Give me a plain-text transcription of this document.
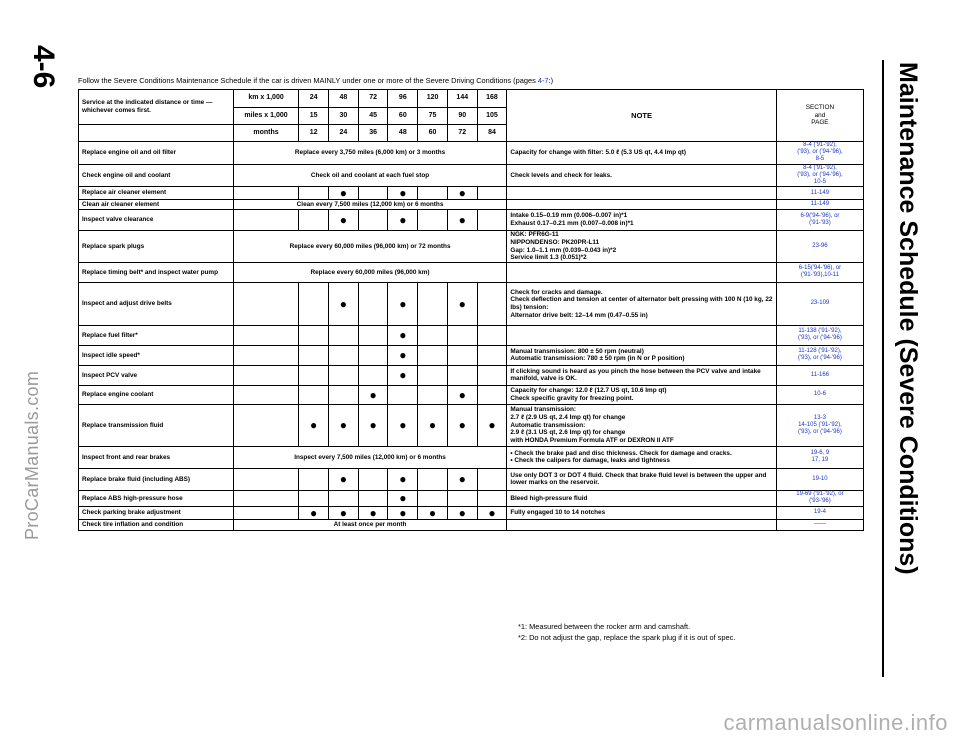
4-6
ProCarManuals.com	Maintenance Schedule (Severe Conditions)
Follow the Severe Conditions Maintenance Schedule if the car is driven MAINLY under one or more of the Severe Driving Conditions (pages 4-7:)
Service at the indicated distance or time — whichever comes first.	km x 1,000	24	48	72	96	120	144	168	NOTE	SECTION
and
PAGE
	miles x 1,000	15	30	45	60	75	90	105		
	months	12	24	36	48	60	72	84		
Replace engine oil and oil filter	Replace every 3,750 miles (6,000 km) or 3 months								Capacity for change with filter: 5.0 ℓ (5.3 US qt, 4.4 Imp qt)	8-4 ('91-'92),
('93), or ('94-'96),
8-5
Check engine oil and coolant	Check oil and coolant at each fuel stop								Check levels and check for leaks.	8-4 ('91-'92),
('93), or ('94-'96),
10-5
Replace air cleaner element			●		●		●			11-149
Clean air cleaner element	Clean every 7,500 miles (12,000 km) or 6 months									11-149
Inspect valve clearance			●		●		●		Intake 0.15–0.19 mm (0.006–0.007 in)*1
Exhaust 0.17–0.21 mm (0.007–0.008 in)*1	6-9('94-'96), or
('91-'93)
Replace spark plugs	Replace every 60,000 miles (96,000 km) or 72 months								NGK: PFR6G-11
NIPPONDENSO: PK20PR-L11
Gap: 1.0–1.1 mm (0.039–0.043 in)*2
Service limit 1.3 (0.051)*2	23-96
Replace timing belt* and inspect water pump	Replace every 60,000 miles (96,000 km)									6-15('94-'96), or
('91-'93),10-11
Inspect and adjust drive belts			●		●		●		Check for cracks and damage.
Check deflection and tension at center of alternator belt pressing with 100 N (10 kg, 22 lbs) tension:
Alternator drive belt: 12–14 mm (0.47–0.55 in)	23-109
Replace fuel filter*					●					11-138 ('91-'92),
('93), or ('94-'96)
Inspect idle speed*					●				Manual transmission: 800 ± 50 rpm (neutral)
Automatic transmission: 780 ± 50 rpm (in N or P position)	11-128 ('91-'92),
('93), or ('94-'96)
Inspect PCV valve					●				If clicking sound is heard as you pinch the hose between the PCV valve and intake manifold, valve is OK.	11-166
Replace engine coolant				●			●		Capacity for change: 12.0 ℓ (12.7 US qt, 10.6 Imp qt)
Check specific gravity for freezing point.	10-6
Replace transmission fluid		●	●	●	●	●	●	●	Manual transmission:
2.7 ℓ (2.9 US qt, 2.4 Imp qt) for change
Automatic transmission:
2.9 ℓ (3.1 US qt, 2.6 Imp qt) for change
with HONDA Premium Formula ATF or DEXRON II ATF	13-3
14-105 ('91-'92),
('93), or ('94-'96)
Inspect front and rear brakes	Inspect every 7,500 miles (12,000 km) or 6 months								• Check the brake pad and disc thickness. Check for damage and cracks.
• Check the calipers for damage, leaks and tightness	19-6, 9
17, 19
Replace brake fluid (including ABS)			●		●		●		Use only DOT 3 or DOT 4 fluid. Check that brake fluid level is between the upper and lower marks on the reservoir.	19-10
Replace ABS high-pressure hose					●				Bleed high-pressure fluid	19-69 ('91-'92), or
('93-'96)
Check parking brake adjustment		●	●	●	●	●	●	●	Fully engaged 10 to 14 notches	19-4
Check tire inflation and condition	At least once per month									——
*1: Measured between the rocker arm and camshaft.
*2: Do not adjust the gap, replace the spark plug if it is out of spec.
carmanualsonline.info
